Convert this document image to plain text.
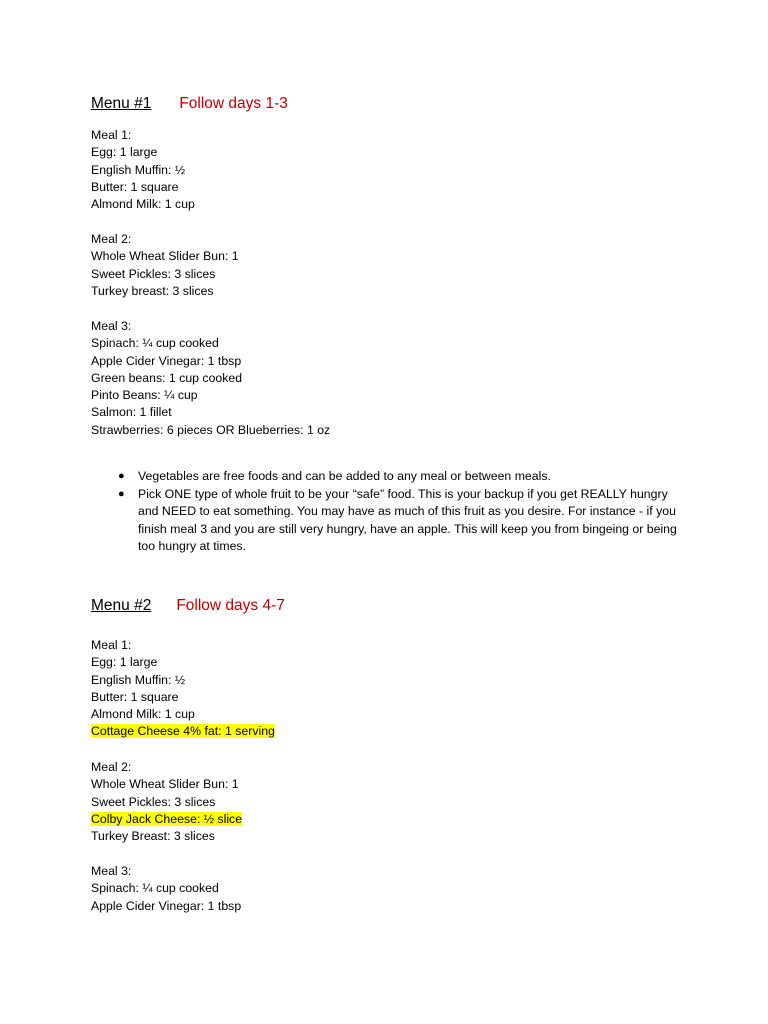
Menu #1 Follow days 1-3
Meal 1:
Egg: 1 large
English Muffin: ½
Butter: 1 square
Almond Milk: 1 cup
Meal 2:
Whole Wheat Slider Bun: 1
Sweet Pickles: 3 slices
Turkey breast: 3 slices
Meal 3:
Spinach: ¼ cup cooked
Apple Cider Vinegar: 1 tbsp
Green beans: 1 cup cooked
Pinto Beans: ¼ cup
Salmon: 1 fillet
Strawberries: 6 pieces OR Blueberries: 1 oz
● Vegetables are free foods and can be added to any meal or between meals.
● Pick ONE type of whole fruit to be your “safe” food. This is your backup if you get REALLY hungry and NEED to eat something. You may have as much of this fruit as you desire. For instance - if you finish meal 3 and you are still very hungry, have an apple. This will keep you from bingeing or being too hungry at times.
Menu #2 Follow days 4-7
Meal 1:
Egg: 1 large
English Muffin: ½
Butter: 1 square
Almond Milk: 1 cup
Cottage Cheese 4% fat: 1 serving
Meal 2:
Whole Wheat Slider Bun: 1
Sweet Pickles: 3 slices
Colby Jack Cheese: ½ slice
Turkey Breast: 3 slices
Meal 3:
Spinach: ¼ cup cooked
Apple Cider Vinegar: 1 tbsp
